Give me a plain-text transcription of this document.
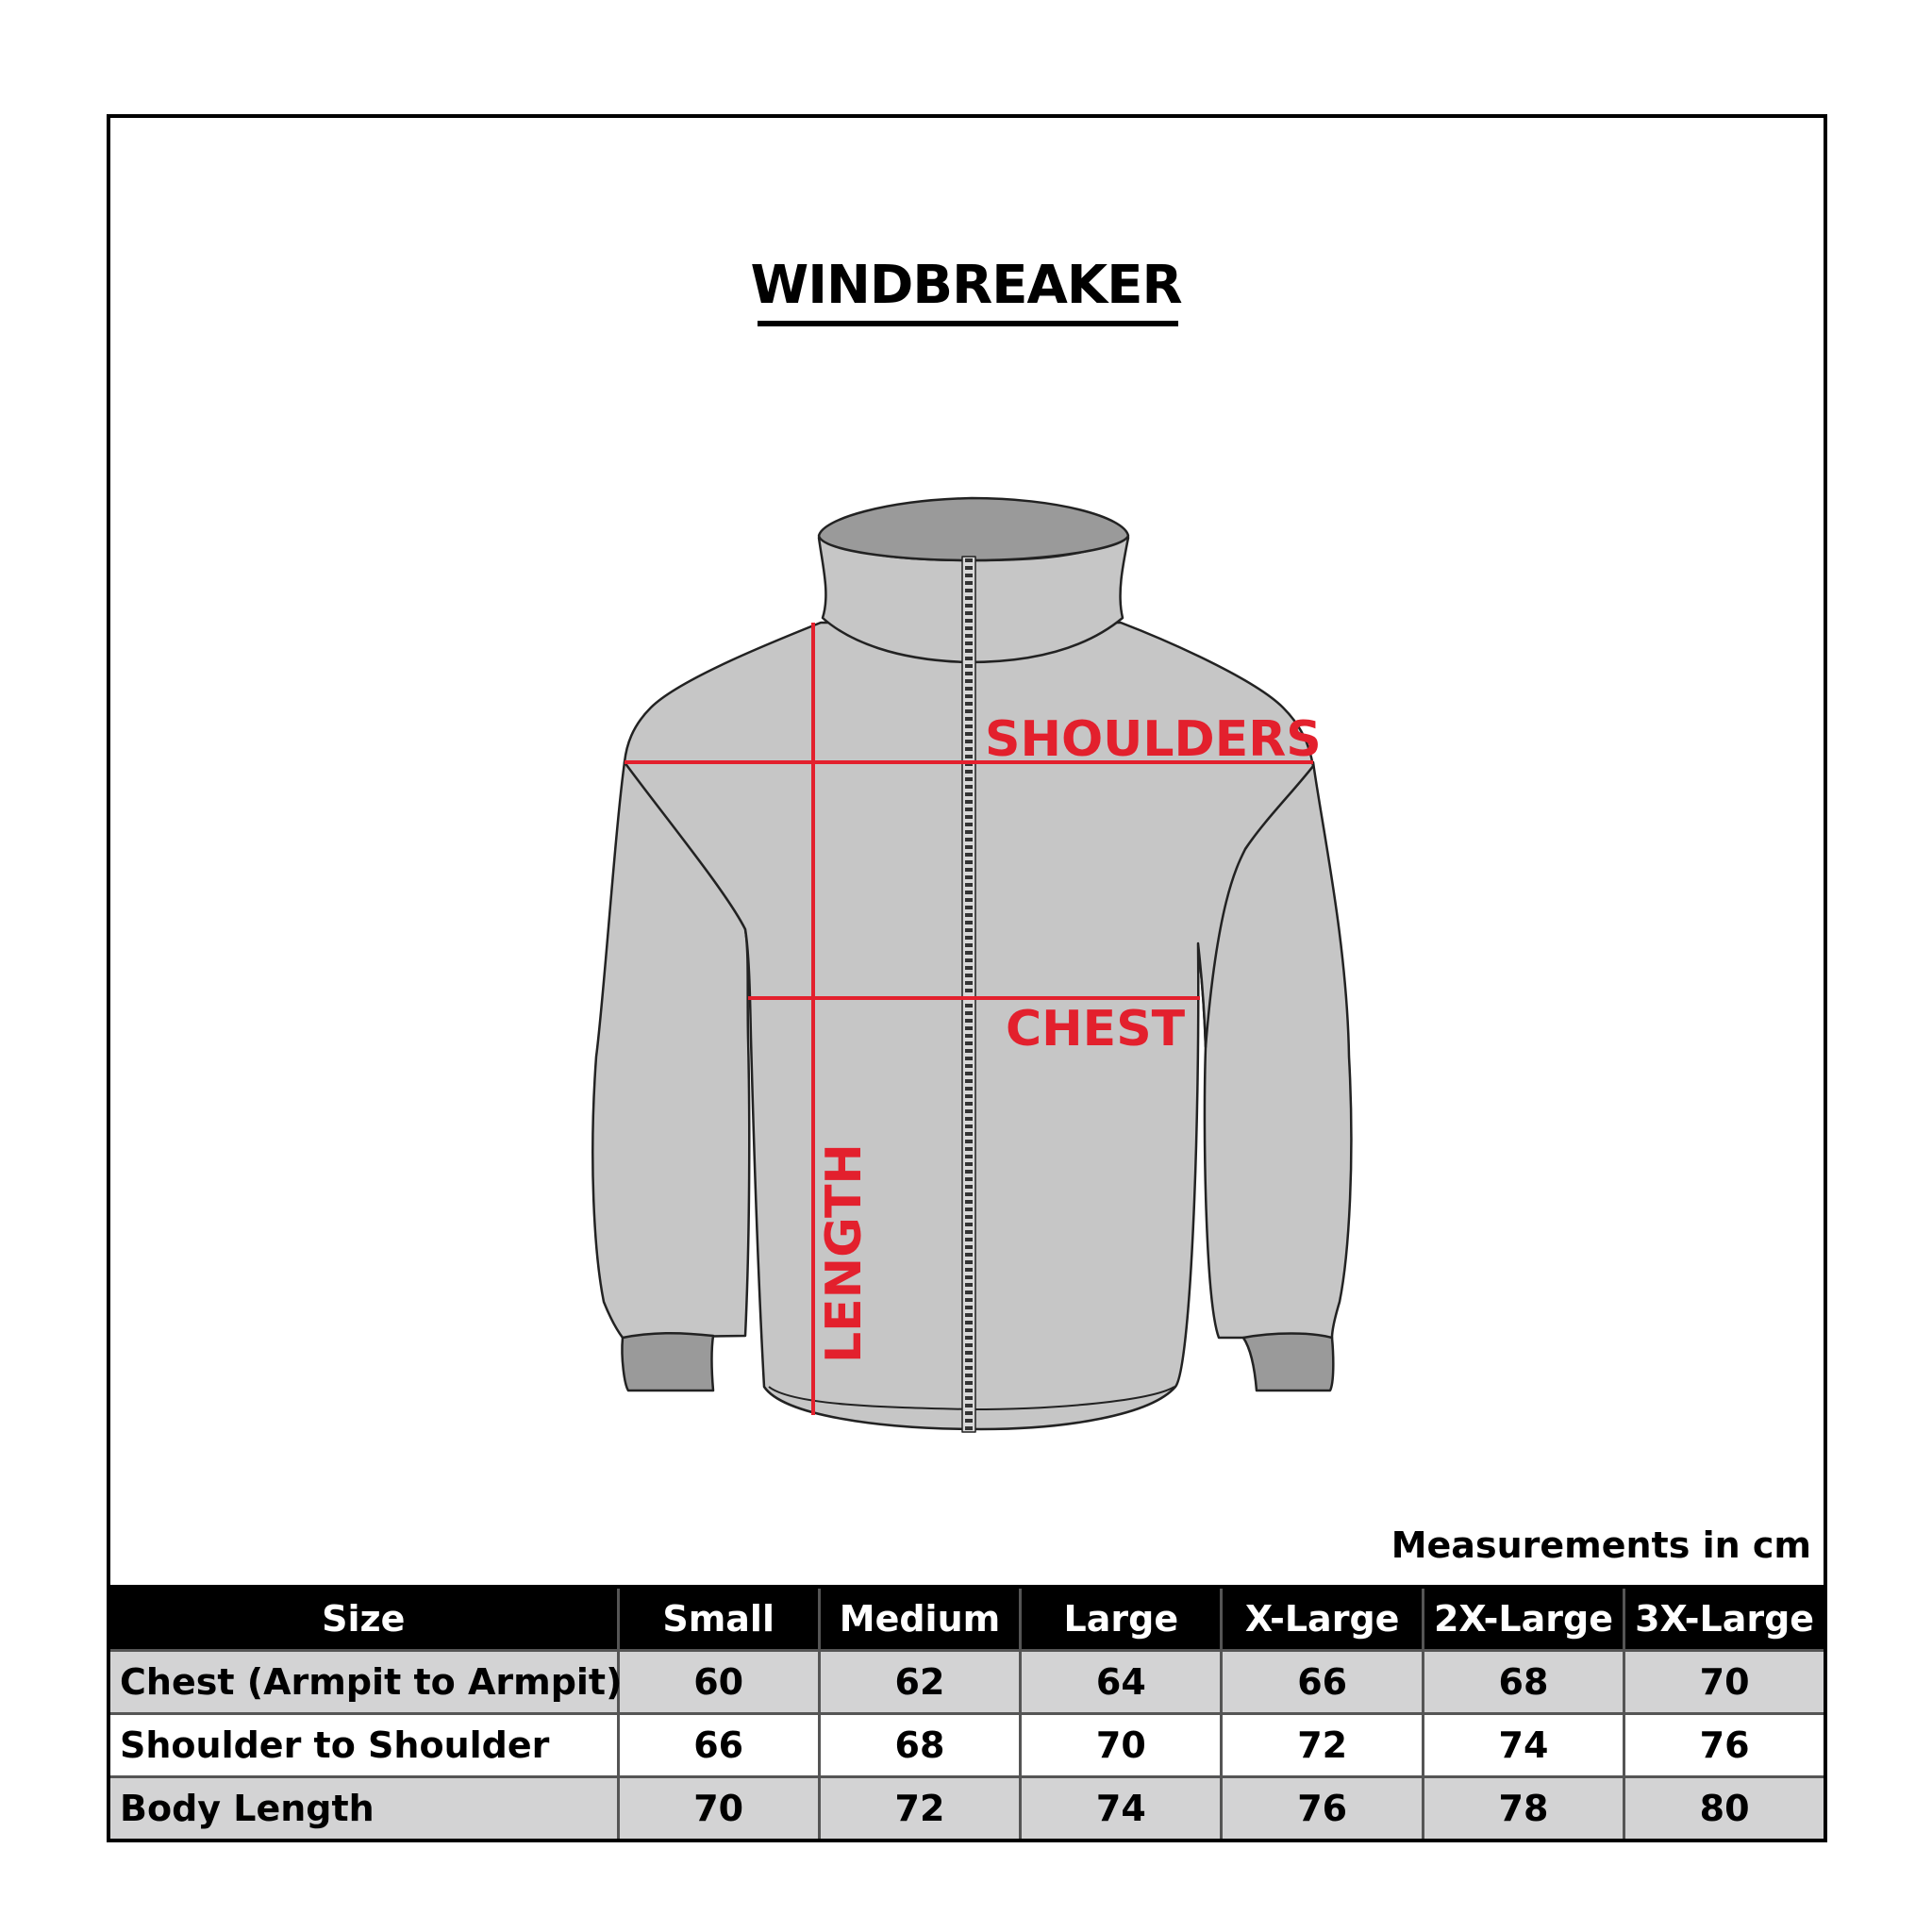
WINDBREAKER
SHOULDERS
CHEST
LENGTH
Measurements in cm
Size	Small	Medium	Large	X-Large	2X-Large	3X-Large
Chest (Armpit to Armpit)	60	62	64	66	68	70
Shoulder to Shoulder	66	68	70	72	74	76
Body Length	70	72	74	76	78	80
